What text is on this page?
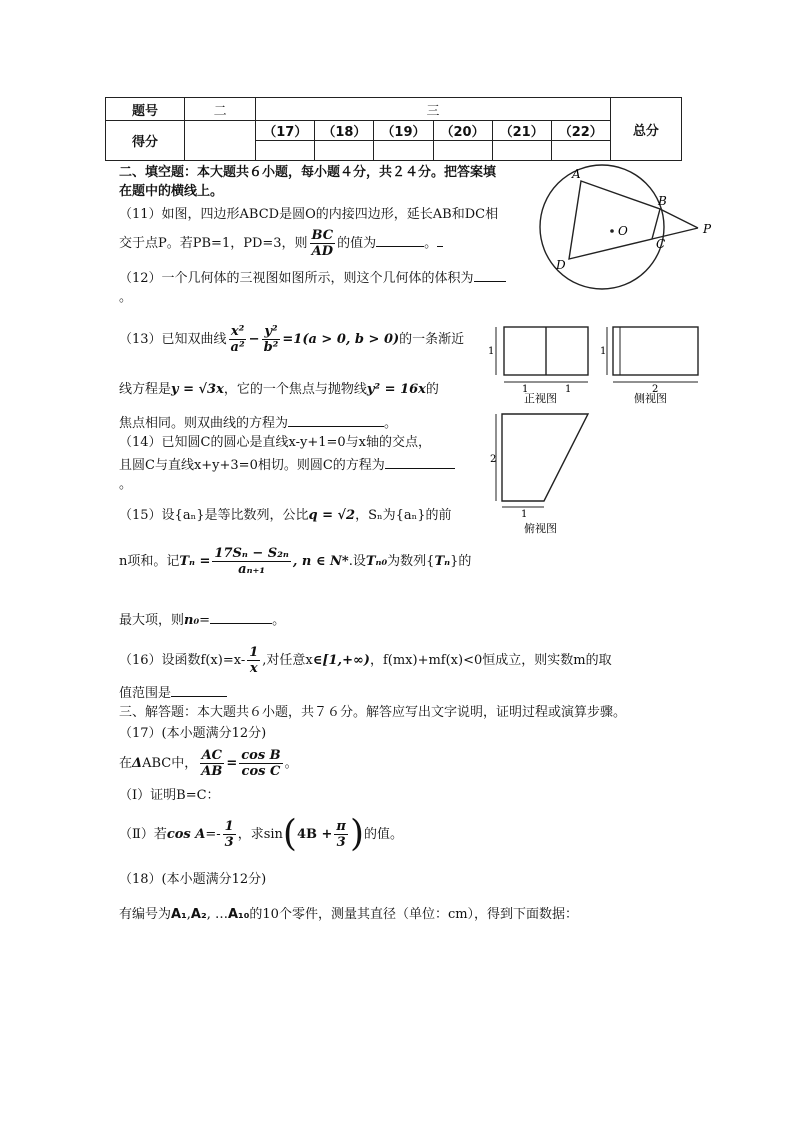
题号	二	三						总分
得分		（17）	（18）	（19）	（20）	（21）	（22）	

二、填空题：本大题共６小题，每小题４分，共２４分。把答案填
在题中的横线上。
（11）如图，四边形ABCD是圆O的内接四边形，延长AB和DC相
交于点P。若PB=1，PD=3，则 $\frac{BC}{AD}$ 的值为	。
（12）一个几何体的三视图如图所示，则这个几何体的体积为
。
（13）已知双曲线 $\frac{\text{x²}}{\text{a²}} - \frac{\text{y²}}{\text{b²}} =1(a > 0$, b > 0)的一条渐近
线方程是y = √3x，它的一个焦点与抛物线y² = 16x的
焦点相同。则双曲线的方程为	。
（14）已知圆C的圆心是直线x-y+1=0与x轴的交点，
且圆C与直线x+y+3=0相切。则圆C的方程为
。
（15）设{aₙ}是等比数列，公比q = √2，Sₙ为{aₙ}的前
n项和。记$T_n = \frac{\text{17Sₙ − S₂ₙ}}{\text{aₙ₊₁}}$ , n ∈ N*.设Tₙ₀为数列{Tₙ}的
最大项，则n₀=	。
（16）设函数$f(x)=x- \frac{1}{x}$ ,对任意x∈[1,+∞)，f(mx)+mf(x)<0恒成立，则实数m的取
值范围是
三、解答题：本大题共６小题，共７６分。解答应写出文字说明，证明过程或演算步骤。
（17）(本小题满分12分)
在ΔABC中， $\frac{AC}{AB} = \frac{\text{cos B}}{\text{cos C}}$ 。
（Ⅰ）证明B=C：
（Ⅱ）若$\cos A=- \frac{1}{3}$ ，求$\sin(4B + \frac{\pi}{3}$ )的值。
（18）(本小题满分12分)
有编号为A₁,A₂, …A₁₀的10个零件，测量其直径（单位：cm），得到下面数据：
A
B
C
D
O	P
1
1	1
正视图
1
2
侧视图
2
1
俯视图
